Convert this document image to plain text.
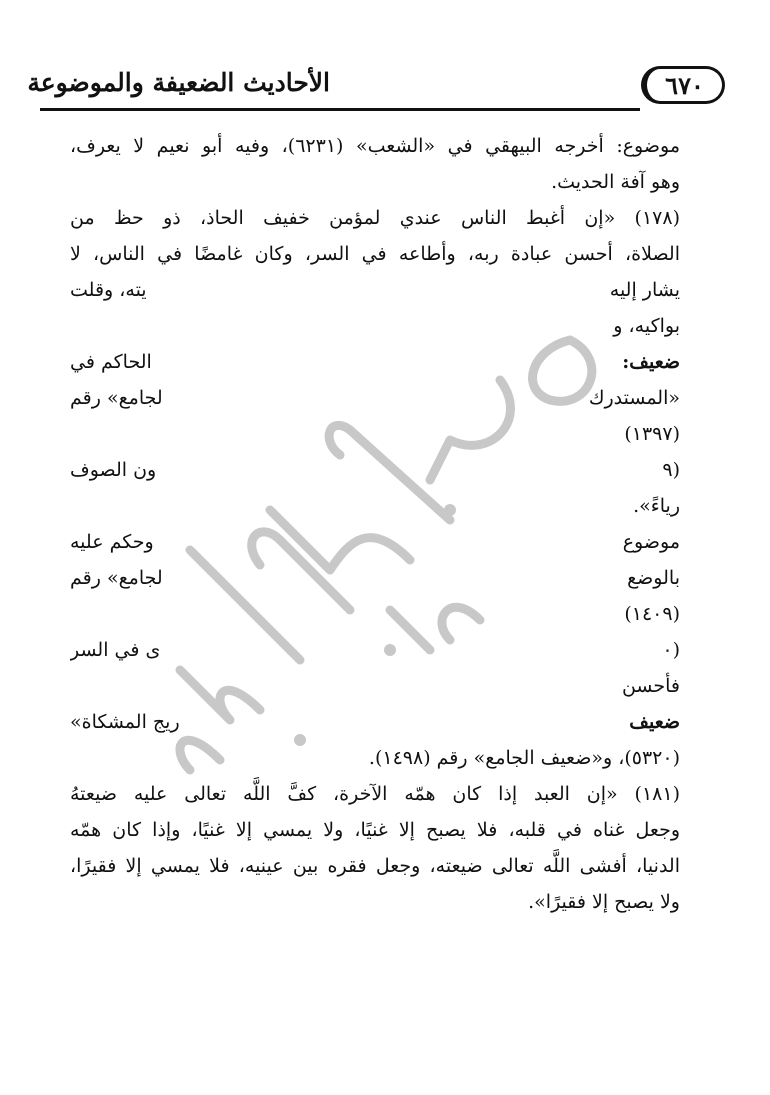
٦٧٠
الأحاديث الضعيفة والموضوعة
موضوع: أخرجه البيهقي في «الشعب» (٦٢٣١)، وفيه أبو نعيم لا يعرف،
وهو آفة الحديث.
(١٧٨) «إن أغبط الناس عندي لمؤمن خفيف الحاذ، ذو حظ من
الصلاة، أحسن عبادة ربه، وأطاعه في السر، وكان غامضًا في الناس، لا
يشار إليه
يته، وقلت
بواكيه، و
ضعيف:
الحاكم في
«المستدرك
لجامع» رقم
(١٣٩٧)
(٩
ون الصوف
رياءً».
موضوع
وحكم عليه
بالوضع
لجامع» رقم
(١٤٠٩)
(٠
ى في السر
فأحسن
ضعيف
ريج المشكاة»
(٥٣٢٠)، و«ضعيف الجامع» رقم (١٤٩٨).
(١٨١) «إن العبد إذا كان همّه الآخرة، كفَّ اللَّه تعالى عليه ضيعتهُ
وجعل غناه في قلبه، فلا يصبح إلا غنيًا، ولا يمسي إلا غنيًا، وإذا كان همّه
الدنيا، أفشى اللَّه تعالى ضيعته، وجعل فقره بين عينيه، فلا يمسي إلا فقيرًا،
ولا يصبح إلا فقيرًا».
